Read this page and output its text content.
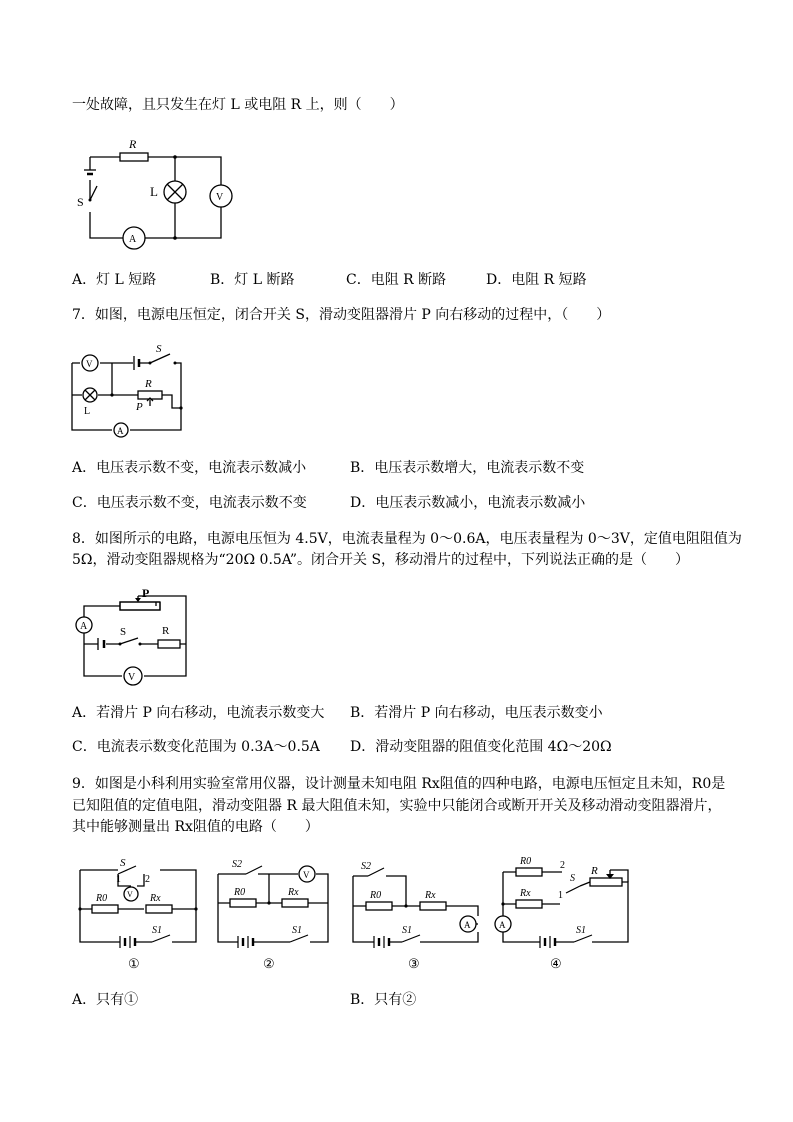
一处故障，且只发生在灯 L 或电阻 R 上，则（　　）
R
S
L	V
A
A．灯 L 短路	B．灯 L 断路	C．电阻 R 断路	D．电阻 R 短路
7．如图，电源电压恒定，闭合开关 S，滑动变阻器滑片 P 向右移动的过程中，（　　）
V
S
L
R
P
A
A．电压表示数不变，电流表示数减小	B．电压表示数增大，电流表示数不变
C．电压表示数不变，电流表示数不变	D．电压表示数减小，电流表示数减小
8．如图所示的电路，电源电压恒为 4.5V，电流表量程为 0～0.6A，电压表量程为 0～3V，定值电阻阻值为
5Ω，滑动变阻器规格为“20Ω 0.5A”。闭合开关 S，移动滑片的过程中，下列说法正确的是（　　）
P
A	S	R
V
A．若滑片 P 向右移动，电流表示数变大 B．若滑片 P 向右移动，电压表示数变小
C．电流表示数变化范围为 0.3A～0.5A D．滑动变阻器的阻值变化范围 4Ω～20Ω
9．如图是小科利用实验室常用仪器，设计测量未知电阻 Rx阻值的四种电路，电源电压恒定且未知，R0是
已知阻值的定值电阻，滑动变阻器 R 最大阻值未知，实验中只能闭合或断开开关及移动滑动变阻器滑片，
其中能够测量出 Rx阻值的电路（　　）
S
1 2
R0	Rx
V
S1
①
S2
V
R0	Rx
S1
②
S2
R0	Rx
A
S1
③
R0
Rx
2
1
S
R
A	S1
④
A．只有①	B．只有②
